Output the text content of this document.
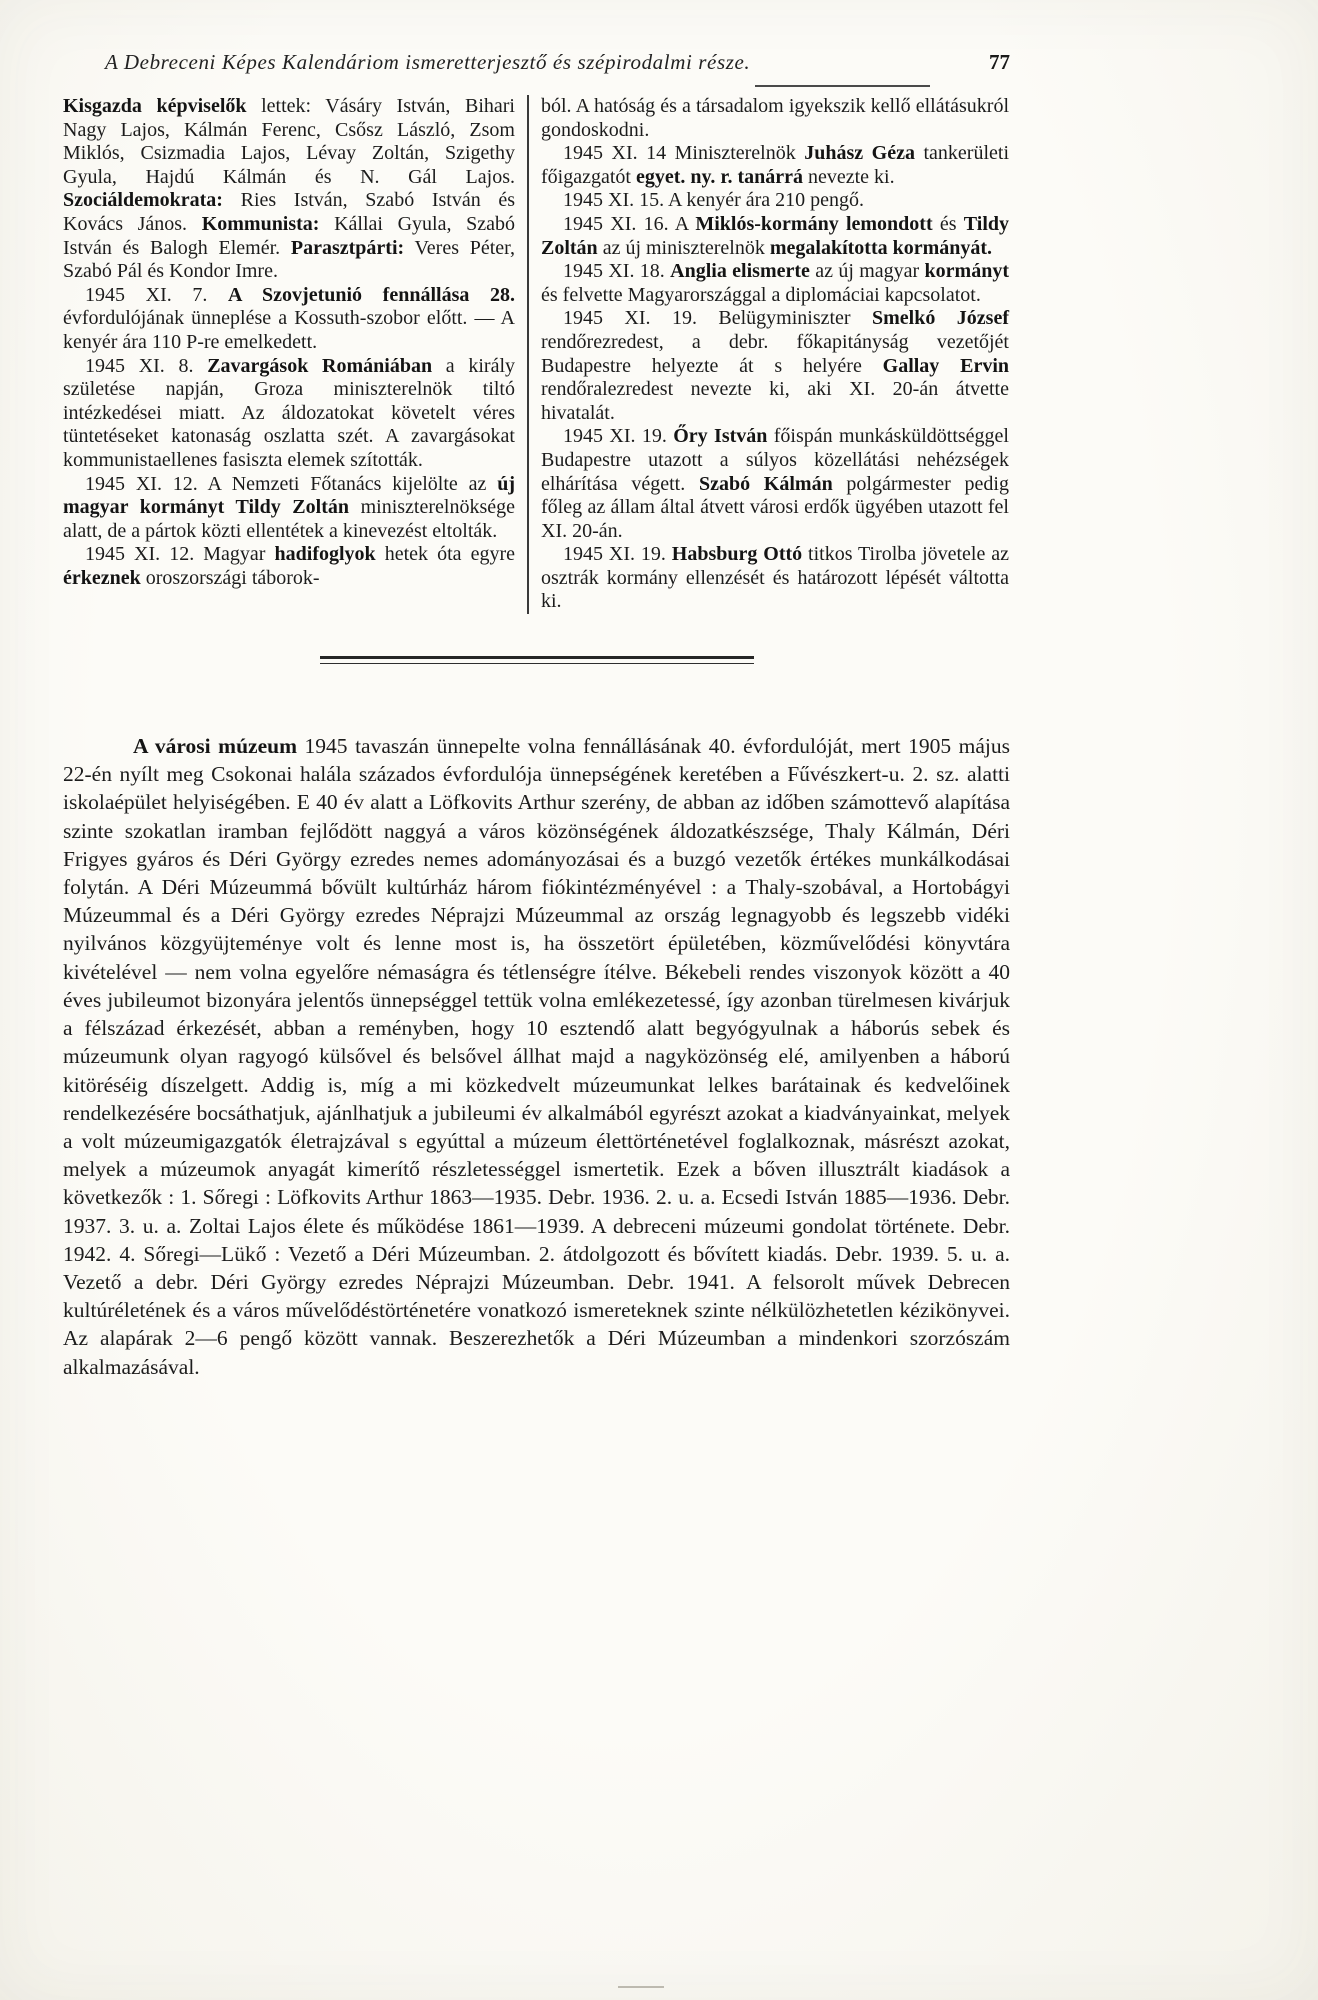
A Debreceni Képes Kalendáriom ismeretterjesztő és szépirodalmi része.	77

Kisgazda képviselők lettek: Vásáry István, Bihari Nagy Lajos, Kálmán Ferenc, Csősz László, Zsom Miklós, Csizmadia Lajos, Lévay Zoltán, Szigethy Gyula, Hajdú Kálmán és N. Gál Lajos. Szociáldemokrata: Ries István, Szabó István és Kovács János. Kommunista: Kállai Gyula, Szabó István és Balogh Elemér. Parasztpárti: Veres Péter, Szabó Pál és Kondor Imre.

1945 XI. 7. A Szovjetunió fennállása 28. évfordulójának ünneplése a Kossuth-szobor előtt. — A kenyér ára 110 P-re emelkedett.

1945 XI. 8. Zavargások Romániában a király születése napján, Groza miniszterelnök tiltó intézkedései miatt. Az áldozatokat követelt véres tüntetéseket katonaság oszlatta szét. A zavargásokat kommunistaellenes fasiszta elemek szították.

1945 XI. 12. A Nemzeti Főtanács kijelölte az új magyar kormányt Tildy Zoltán miniszterelnöksége alatt, de a pártok közti ellentétek a kinevezést eltolták.

1945 XI. 12. Magyar hadifoglyok hetek óta egyre érkeznek oroszországi táborok-

ból. A hatóság és a társadalom igyekszik kellő ellátásukról gondoskodni.

1945 XI. 14 Miniszterelnök Juhász Géza tankerületi főigazgatót egyet. ny. r. tanárrá nevezte ki.

1945 XI. 15. A kenyér ára 210 pengő.

1945 XI. 16. A Miklós-kormány lemondott és Tildy Zoltán az új miniszterelnök megalakította kormányát.

1945 XI. 18. Anglia elismerte az új magyar kormányt és felvette Magyarországgal a diplomáciai kapcsolatot.

1945 XI. 19. Belügyminiszter Smelkó József rendőrezredest, a debr. főkapitányság vezetőjét Budapestre helyezte át s helyére Gallay Ervin rendőralezredest nevezte ki, aki XI. 20-án átvette hivatalát.

1945 XI. 19. Őry István főispán munkásküldöttséggel Budapestre utazott a súlyos közellátási nehézségek elhárítása végett. Szabó Kálmán polgármester pedig főleg az állam által átvett városi erdők ügyében utazott fel XI. 20-án.

1945 XI. 19. Habsburg Ottó titkos Tirolba jövetele az osztrák kormány ellenzését és határozott lépését váltotta ki.

A városi múzeum 1945 tavaszán ünnepelte volna fennállásának 40. évfordulóját, mert 1905 május 22-én nyílt meg Csokonai halála százados évfordulója ünnepségének keretében a Fűvészkert-u. 2. sz. alatti iskolaépület helyiségében. E 40 év alatt a Löfkovits Arthur szerény, de abban az időben számottevő alapítása szinte szokatlan iramban fejlődött naggyá a város közönségének áldozatkészsége, Thaly Kálmán, Déri Frigyes gyáros és Déri György ezredes nemes adományozásai és a buzgó vezetők értékes munkálkodásai folytán. A Déri Múzeummá bővült kultúrház három fiókintézményével : a Thaly-szobával, a Hortobágyi Múzeummal és a Déri György ezredes Néprajzi Múzeummal az ország legnagyobb és legszebb vidéki nyilvános közgyüjteménye volt és lenne most is, ha összetört épületében, közművelődési könyvtára kivételével — nem volna egyelőre némaságra és tétlenségre ítélve. Békebeli rendes viszonyok között a 40 éves jubileumot bizonyára jelentős ünnepséggel tettük volna emlékezetessé, így azonban türelmesen kivárjuk a félszázad érkezését, abban a reményben, hogy 10 esztendő alatt begyógyulnak a háborús sebek és múzeumunk olyan ragyogó külsővel és belsővel állhat majd a nagyközönség elé, amilyenben a háború kitöréséig díszelgett. Addig is, míg a mi közkedvelt múzeumunkat lelkes barátainak és kedvelőinek rendelkezésére bocsáthatjuk, ajánlhatjuk a jubileumi év alkalmából egyrészt azokat a kiadványainkat, melyek a volt múzeumigazgatók életrajzával s egyúttal a múzeum élettörténetével foglalkoznak, másrészt azokat, melyek a múzeumok anyagát kimerítő részletességgel ismertetik. Ezek a bőven illusztrált kiadások a következők : 1. Sőregi : Löfkovits Arthur 1863—1935. Debr. 1936. 2. u. a. Ecsedi István 1885—1936. Debr. 1937. 3. u. a. Zoltai Lajos élete és működése 1861—1939. A debreceni múzeumi gondolat története. Debr. 1942. 4. Sőregi—Lükő : Vezető a Déri Múzeumban. 2. átdolgozott és bővített kiadás. Debr. 1939. 5. u. a. Vezető a debr. Déri György ezredes Néprajzi Múzeumban. Debr. 1941. A felsorolt művek Debrecen kultúréletének és a város művelődéstörténetére vonatkozó ismereteknek szinte nélkülözhetetlen kézikönyvei. Az alapárak 2—6 pengő között vannak. Beszerezhetők a Déri Múzeumban a mindenkori szorzószám alkalmazásával.
